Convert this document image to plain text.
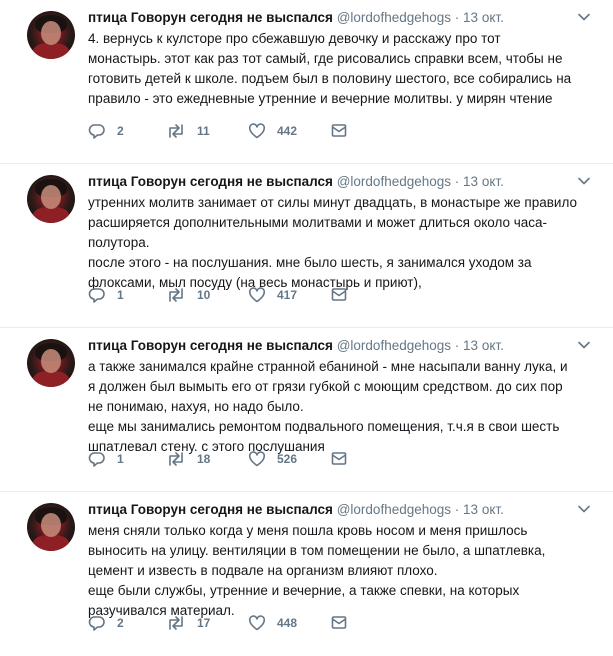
птица Говорун сегодня не выспался @lordofhedgehogs · 13 окт.

4. вернусь к кулсторе про сбежавшую девочку и расскажу про тот

монастырь. этот как раз тот самый, где рисовались справки всем, чтобы не

готовить детей к школе. подъем был в половину шестого, все собирались на

правило - это ежедневные утренние и вечерние молитвы. у мирян чтение

2	11	442
птица Говорун сегодня не выспался @lordofhedgehogs · 13 окт.

утренних молитв занимает от силы минут двадцать, в монастыре же правило

расширяется дополнительными молитвами и может длиться около часа-

полутора.

после этого - на послушания. мне было шесть, я занимался уходом за

флоксами, мыл посуду (на весь монастырь и приют),

1	10	417
птица Говорун сегодня не выспался @lordofhedgehogs · 13 окт.

а также занимался крайне странной ебаниной - мне насыпали ванну лука, и

я должен был вымыть его от грязи губкой с моющим средством. до сих пор

не понимаю, нахуя, но надо было.

еще мы занимались ремонтом подвального помещения, т.ч.я в свои шесть

шпатлевал стену. с этого послушания

1	18	526
птица Говорун сегодня не выспался @lordofhedgehogs · 13 окт.

меня сняли только когда у меня пошла кровь носом и меня пришлось

выносить на улицу. вентиляции в том помещении не было, а шпатлевка,

цемент и известь в подвале на организм влияют плохо.

еще были службы, утренние и вечерние, а также спевки, на которых

разучивался материал.

2	17	448
